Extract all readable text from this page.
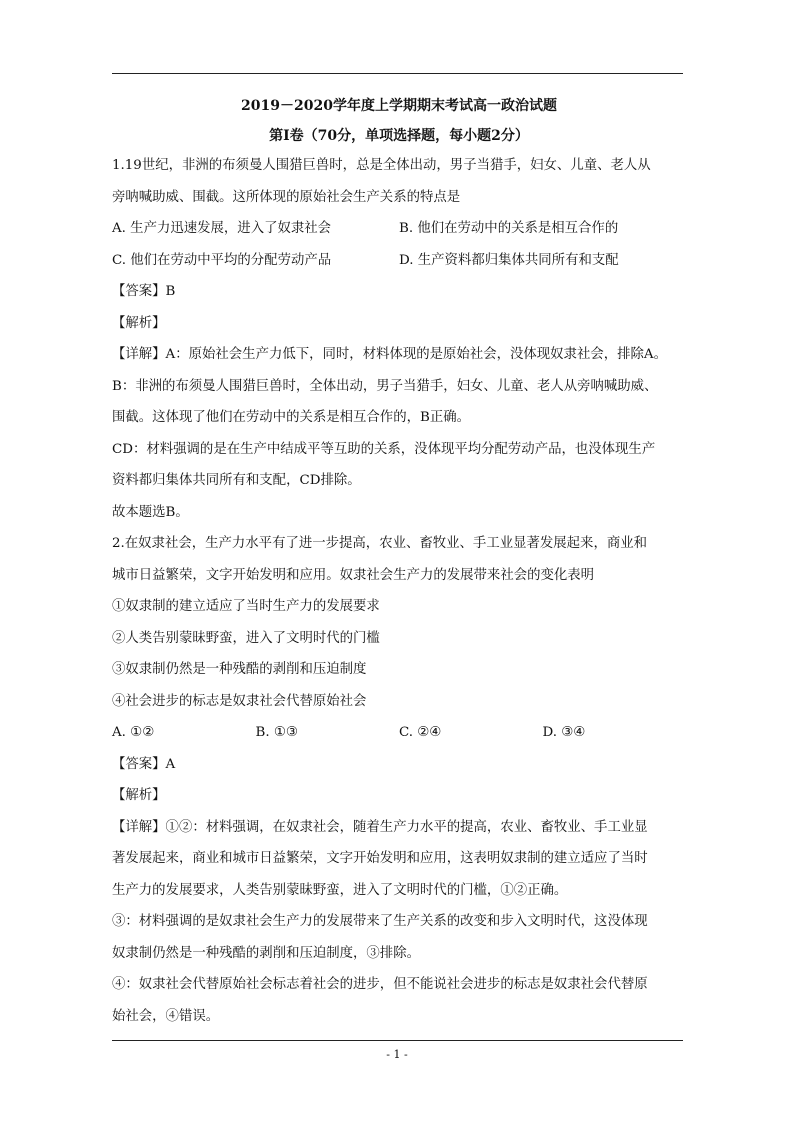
2019－2020学年度上学期期末考试高一政治试题

第Ⅰ卷（70分，单项选择题，每小题2分）

1.19世纪，非洲的布须曼人围猎巨兽时，总是全体出动，男子当猎手，妇女、儿童、老人从

旁呐喊助威、围截。这所体现的原始社会生产关系的特点是

A. 生产力迅速发展，进入了奴隶社会	B. 他们在劳动中的关系是相互合作的
C. 他们在劳动中平均的分配劳动产品	D. 生产资料都归集体共同所有和支配

【答案】B

【解析】

【详解】A：原始社会生产力低下，同时，材料体现的是原始社会，没体现奴隶社会，排除A。

B：非洲的布须曼人围猎巨兽时，全体出动，男子当猎手，妇女、儿童、老人从旁呐喊助威、

围截。这体现了他们在劳动中的关系是相互合作的，B正确。

CD：材料强调的是在生产中结成平等互助的关系，没体现平均分配劳动产品，也没体现生产

资料都归集体共同所有和支配，CD排除。

故本题选B。

2.在奴隶社会，生产力水平有了进一步提高，农业、畜牧业、手工业显著发展起来，商业和

城市日益繁荣，文字开始发明和应用。奴隶社会生产力的发展带来社会的变化表明

①奴隶制的建立适应了当时生产力的发展要求

②人类告别蒙昧野蛮，进入了文明时代的门槛

③奴隶制仍然是一种残酷的剥削和压迫制度

④社会进步的标志是奴隶社会代替原始社会

A. ①②	B. ①③	C. ②④	D. ③④

【答案】A

【解析】

【详解】①②：材料强调，在奴隶社会，随着生产力水平的提高，农业、畜牧业、手工业显

著发展起来，商业和城市日益繁荣，文字开始发明和应用，这表明奴隶制的建立适应了当时

生产力的发展要求，人类告别蒙昧野蛮，进入了文明时代的门槛，①②正确。

③：材料强调的是奴隶社会生产力的发展带来了生产关系的改变和步入文明时代，这没体现

奴隶制仍然是一种残酷的剥削和压迫制度，③排除。

④：奴隶社会代替原始社会标志着社会的进步，但不能说社会进步的标志是奴隶社会代替原

始社会，④错误。

- 1 -
